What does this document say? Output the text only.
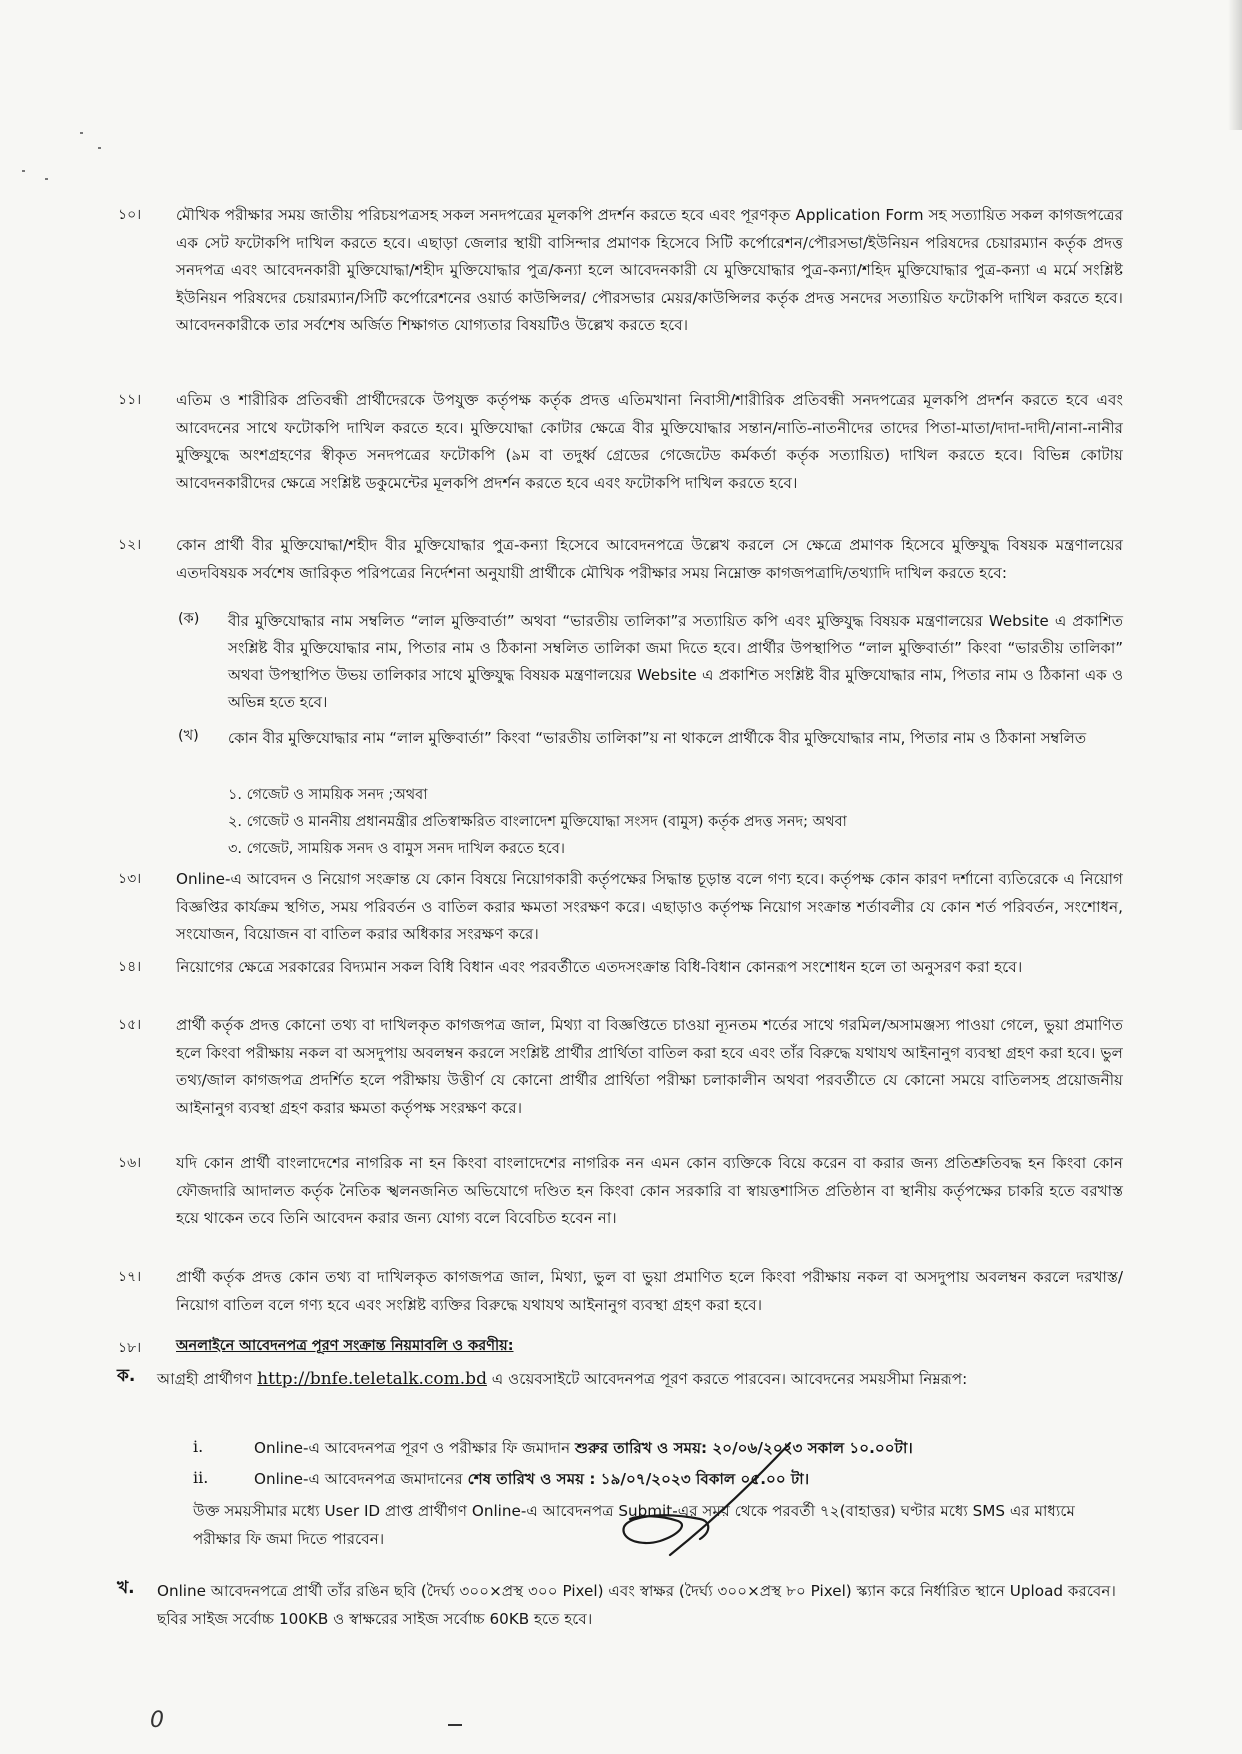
১০।	মৌখিক পরীক্ষার সময় জাতীয় পরিচয়পত্রসহ সকল সনদপত্রের মূলকপি প্রদর্শন করতে হবে এবং পূরণকৃত Application Form সহ সত্যায়িত সকল কাগজপত্রের এক সেট ফটোকপি দাখিল করতে হবে। এছাড়া জেলার স্থায়ী বাসিন্দার প্রমাণক হিসেবে সিটি কর্পোরেশন/পৌরসভা/ইউনিয়ন পরিষদের চেয়ারম্যান কর্তৃক প্রদত্ত সনদপত্র এবং আবেদনকারী মুক্তিযোদ্ধা/শহীদ মুক্তিযোদ্ধার পুত্র/কন্যা হলে আবেদনকারী যে মুক্তিযোদ্ধার পুত্র-কন্যা/শহিদ মুক্তিযোদ্ধার পুত্র-কন্যা এ মর্মে সংশ্লিষ্ট ইউনিয়ন পরিষদের চেয়ারম্যান/সিটি কর্পোরেশনের ওয়ার্ড কাউন্সিলর/ পৌরসভার মেয়র/কাউন্সিলর কর্তৃক প্রদত্ত সনদের সত্যায়িত ফটোকপি দাখিল করতে হবে। আবেদনকারীকে তার সর্বশেষ অর্জিত শিক্ষাগত যোগ্যতার বিষয়টিও উল্লেখ করতে হবে।

১১।	এতিম ও শারীরিক প্রতিবন্ধী প্রার্থীদেরকে উপযুক্ত কর্তৃপক্ষ কর্তৃক প্রদত্ত এতিমখানা নিবাসী/শারীরিক প্রতিবন্ধী সনদপত্রের মূলকপি প্রদর্শন করতে হবে এবং আবেদনের সাথে ফটোকপি দাখিল করতে হবে। মুক্তিযোদ্ধা কোটার ক্ষেত্রে বীর মুক্তিযোদ্ধার সন্তান/নাতি-নাতনীদের তাদের পিতা-মাতা/দাদা-দাদী/নানা-নানীর মুক্তিযুদ্ধে অংশগ্রহণের স্বীকৃত সনদপত্রের ফটোকপি (৯ম বা তদুর্ধ্ব গ্রেডের গেজেটেড কর্মকর্তা কর্তৃক সত্যায়িত) দাখিল করতে হবে। বিভিন্ন কোটায় আবেদনকারীদের ক্ষেত্রে সংশ্লিষ্ট ডকুমেন্টের মূলকপি প্রদর্শন করতে হবে এবং ফটোকপি দাখিল করতে হবে।

১২।	কোন প্রার্থী বীর মুক্তিযোদ্ধা/শহীদ বীর মুক্তিযোদ্ধার পুত্র-কন্যা হিসেবে আবেদনপত্রে উল্লেখ করলে সে ক্ষেত্রে প্রমাণক হিসেবে মুক্তিযুদ্ধ বিষয়ক মন্ত্রণালয়ের এতদবিষয়ক সর্বশেষ জারিকৃত পরিপত্রের নির্দেশনা অনুযায়ী প্রার্থীকে মৌখিক পরীক্ষার সময় নিম্নোক্ত কাগজপত্রাদি/তথ্যাদি দাখিল করতে হবে:

(ক) বীর মুক্তিযোদ্ধার নাম সম্বলিত “লাল মুক্তিবার্তা” অথবা “ভারতীয় তালিকা”র সত্যায়িত কপি এবং মুক্তিযুদ্ধ বিষয়ক মন্ত্রণালয়ের Website এ প্রকাশিত সংশ্লিষ্ট বীর মুক্তিযোদ্ধার নাম, পিতার নাম ও ঠিকানা সম্বলিত তালিকা জমা দিতে হবে। প্রার্থীর উপস্থাপিত “লাল মুক্তিবার্তা” কিংবা “ভারতীয় তালিকা” অথবা উপস্থাপিত উভয় তালিকার সাথে মুক্তিযুদ্ধ বিষয়ক মন্ত্রণালয়ের Website এ প্রকাশিত সংশ্লিষ্ট বীর মুক্তিযোদ্ধার নাম, পিতার নাম ও ঠিকানা এক ও অভিন্ন হতে হবে।

(খ) কোন বীর মুক্তিযোদ্ধার নাম “লাল মুক্তিবার্তা” কিংবা “ভারতীয় তালিকা”য় না থাকলে প্রার্থীকে বীর মুক্তিযোদ্ধার নাম, পিতার নাম ও ঠিকানা সম্বলিত

১. গেজেট ও সাময়িক সনদ ;অথবা
২. গেজেট ও মাননীয় প্রধানমন্ত্রীর প্রতিস্বাক্ষরিত বাংলাদেশ মুক্তিযোদ্ধা সংসদ (বামুস) কর্তৃক প্রদত্ত সনদ; অথবা
৩. গেজেট, সাময়িক সনদ ও বামুস সনদ দাখিল করতে হবে।
১৩।	Online-এ আবেদন ও নিয়োগ সংক্রান্ত যে কোন বিষয়ে নিয়োগকারী কর্তৃপক্ষের সিদ্ধান্ত চূড়ান্ত বলে গণ্য হবে। কর্তৃপক্ষ কোন কারণ দর্শানো ব্যতিরেকে এ নিয়োগ বিজ্ঞপ্তির কার্যক্রম স্থগিত, সময় পরিবর্তন ও বাতিল করার ক্ষমতা সংরক্ষণ করে। এছাড়াও কর্তৃপক্ষ নিয়োগ সংক্রান্ত শর্তাবলীর যে কোন শর্ত পরিবর্তন, সংশোধন, সংযোজন, বিয়োজন বা বাতিল করার অধিকার সংরক্ষণ করে।

১৪।	নিয়োগের ক্ষেত্রে সরকারের বিদ্যমান সকল বিধি বিধান এবং পরবর্তীতে এতদসংক্রান্ত বিধি-বিধান কোনরূপ সংশোধন হলে তা অনুসরণ করা হবে।

১৫।	প্রার্থী কর্তৃক প্রদত্ত কোনো তথ্য বা দাখিলকৃত কাগজপত্র জাল, মিথ্যা বা বিজ্ঞপ্তিতে চাওয়া ন্যূনতম শর্তের সাথে গরমিল/অসামঞ্জস্য পাওয়া গেলে, ভুয়া প্রমাণিত হলে কিংবা পরীক্ষায় নকল বা অসদুপায় অবলম্বন করলে সংশ্লিষ্ট প্রার্থীর প্রার্থিতা বাতিল করা হবে এবং তাঁর বিরুদ্ধে যথাযথ আইনানুগ ব্যবস্থা গ্রহণ করা হবে। ভুল তথ্য/জাল কাগজপত্র প্রদর্শিত হলে পরীক্ষায় উত্তীর্ণ যে কোনো প্রার্থীর প্রার্থিতা পরীক্ষা চলাকালীন অথবা পরবর্তীতে যে কোনো সময়ে বাতিলসহ প্রয়োজনীয় আইনানুগ ব্যবস্থা গ্রহণ করার ক্ষমতা কর্তৃপক্ষ সংরক্ষণ করে।

১৬।	যদি কোন প্রার্থী বাংলাদেশের নাগরিক না হন কিংবা বাংলাদেশের নাগরিক নন এমন কোন ব্যক্তিকে বিয়ে করেন বা করার জন্য প্রতিশ্রুতিবদ্ধ হন কিংবা কোন ফৌজদারি আদালত কর্তৃক নৈতিক স্খলনজনিত অভিযোগে দণ্ডিত হন কিংবা কোন সরকারি বা স্বায়ত্তশাসিত প্রতিষ্ঠান বা স্থানীয় কর্তৃপক্ষের চাকরি হতে বরখাস্ত হয়ে থাকেন তবে তিনি আবেদন করার জন্য যোগ্য বলে বিবেচিত হবেন না।

১৭।	প্রার্থী কর্তৃক প্রদত্ত কোন তথ্য বা দাখিলকৃত কাগজপত্র জাল, মিথ্যা, ভুল বা ভুয়া প্রমাণিত হলে কিংবা পরীক্ষায় নকল বা অসদুপায় অবলম্বন করলে দরখাস্ত/নিয়োগ বাতিল বলে গণ্য হবে এবং সংশ্লিষ্ট ব্যক্তির বিরুদ্ধে যথাযথ আইনানুগ ব্যবস্থা গ্রহণ করা হবে।

১৮।	অনলাইনে আবেদনপত্র পূরণ সংক্রান্ত নিয়মাবলি ও করণীয়:
ক. আগ্রহী প্রার্থীগণ http://bnfe.teletalk.com.bd এ ওয়েবসাইটে আবেদনপত্র পূরণ করতে পারবেন। আবেদনের সময়সীমা নিম্নরূপ:

i.	Online-এ আবেদনপত্র পূরণ ও পরীক্ষার ফি জমাদান শুরুর তারিখ ও সময়: ২০/০৬/২০২৩ সকাল ১০.০০টা।
ii.	Online-এ আবেদনপত্র জমাদানের শেষ তারিখ ও সময় : ১৯/০৭/২০২৩ বিকাল ০৫.০০ টা।

উক্ত সময়সীমার মধ্যে User ID প্রাপ্ত প্রার্থীগণ Online-এ আবেদনপত্র Submit-এর সময় থেকে পরবর্তী ৭২(বাহাত্তর) ঘণ্টার মধ্যে SMS এর মাধ্যমে পরীক্ষার ফি জমা দিতে পারবেন।

খ. Online আবেদনপত্রে প্রার্থী তাঁর রঙিন ছবি (দৈর্ঘ্য ৩০০×প্রস্থ ৩০০ Pixel) এবং স্বাক্ষর (দৈর্ঘ্য ৩০০×প্রস্থ ৮০ Pixel) স্ক্যান করে নির্ধারিত স্থানে Upload করবেন। ছবির সাইজ সর্বোচ্চ 100KB ও স্বাক্ষরের সাইজ সর্বোচ্চ 60KB হতে হবে।

0
